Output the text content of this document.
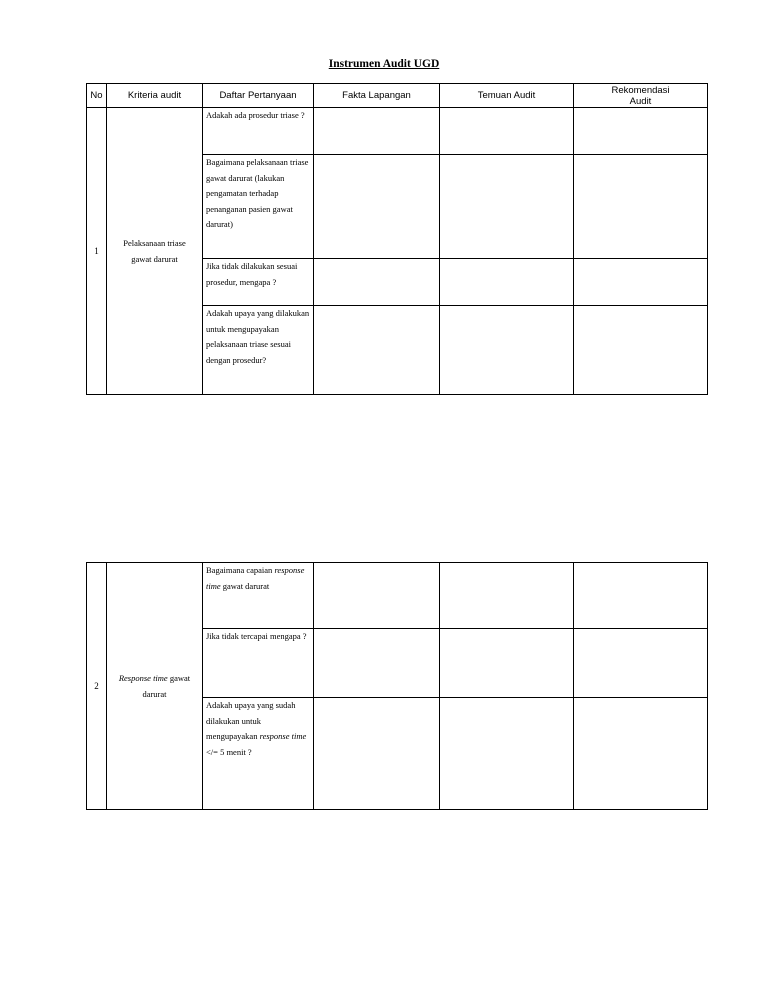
Instrumen Audit UGD
No	Kriteria audit	Daftar Pertanyaan	Fakta Lapangan	Temuan Audit	Rekomendasi Audit
1	Pelaksanaan triase gawat darurat	Adakah ada prosedur triase ?			
		Bagaimana pelaksanaan triase gawat darurat (lakukan pengamatan terhadap penanganan pasien gawat darurat)			
		Jika tidak dilakukan sesuai prosedur, mengapa ?			
		Adakah upaya yang dilakukan untuk mengupayakan pelaksanaan triase sesuai dengan prosedur?			
2	Response time gawat darurat	Bagaimana capaian response time gawat darurat			
		Jika tidak tercapai mengapa ?			
		Adakah upaya yang sudah dilakukan untuk mengupayakan response time </= 5 menit ?			
